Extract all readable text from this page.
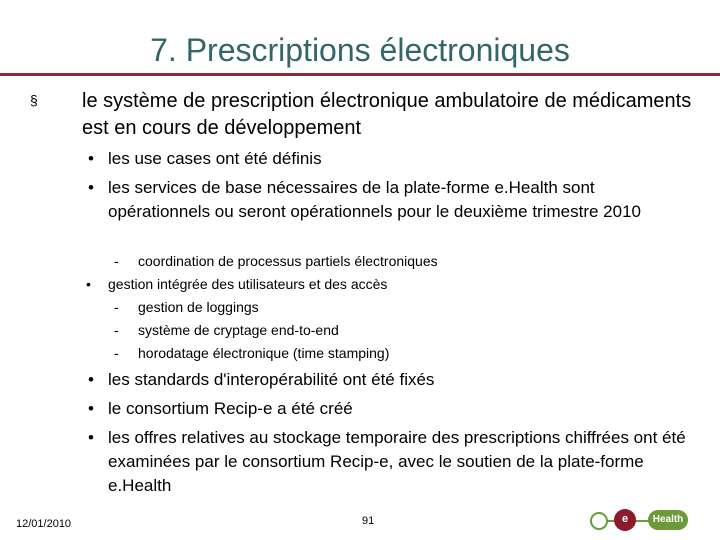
7. Prescriptions électroniques
§ le système de prescription électronique ambulatoire de médicaments est en cours de développement
• les use cases ont été définis
• les services de base nécessaires de la plate-forme e.Health sont opérationnels ou seront opérationnels pour le deuxième trimestre 2010
- coordination de processus partiels électroniques
• gestion intégrée des utilisateurs et des accès
- gestion de loggings
- système de cryptage end-to-end
- horodatage électronique (time stamping)
• les standards d'interopérabilité ont été fixés
• le consortium Recip-e a été créé
• les offres relatives au stockage temporaire des prescriptions chiffrées ont été examinées par le consortium Recip-e, avec le soutien de la plate-forme e.Health
12/01/2010	91	e	Health
